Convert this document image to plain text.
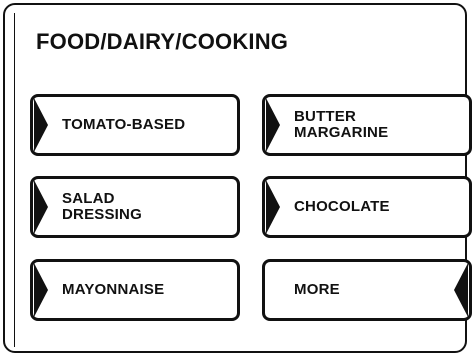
FOOD/DAIRY/COOKING
TOMATO-BASED	BUTTER
MARGARINE
SALAD
DRESSING	CHOCOLATE
MAYONNAISE	MORE
